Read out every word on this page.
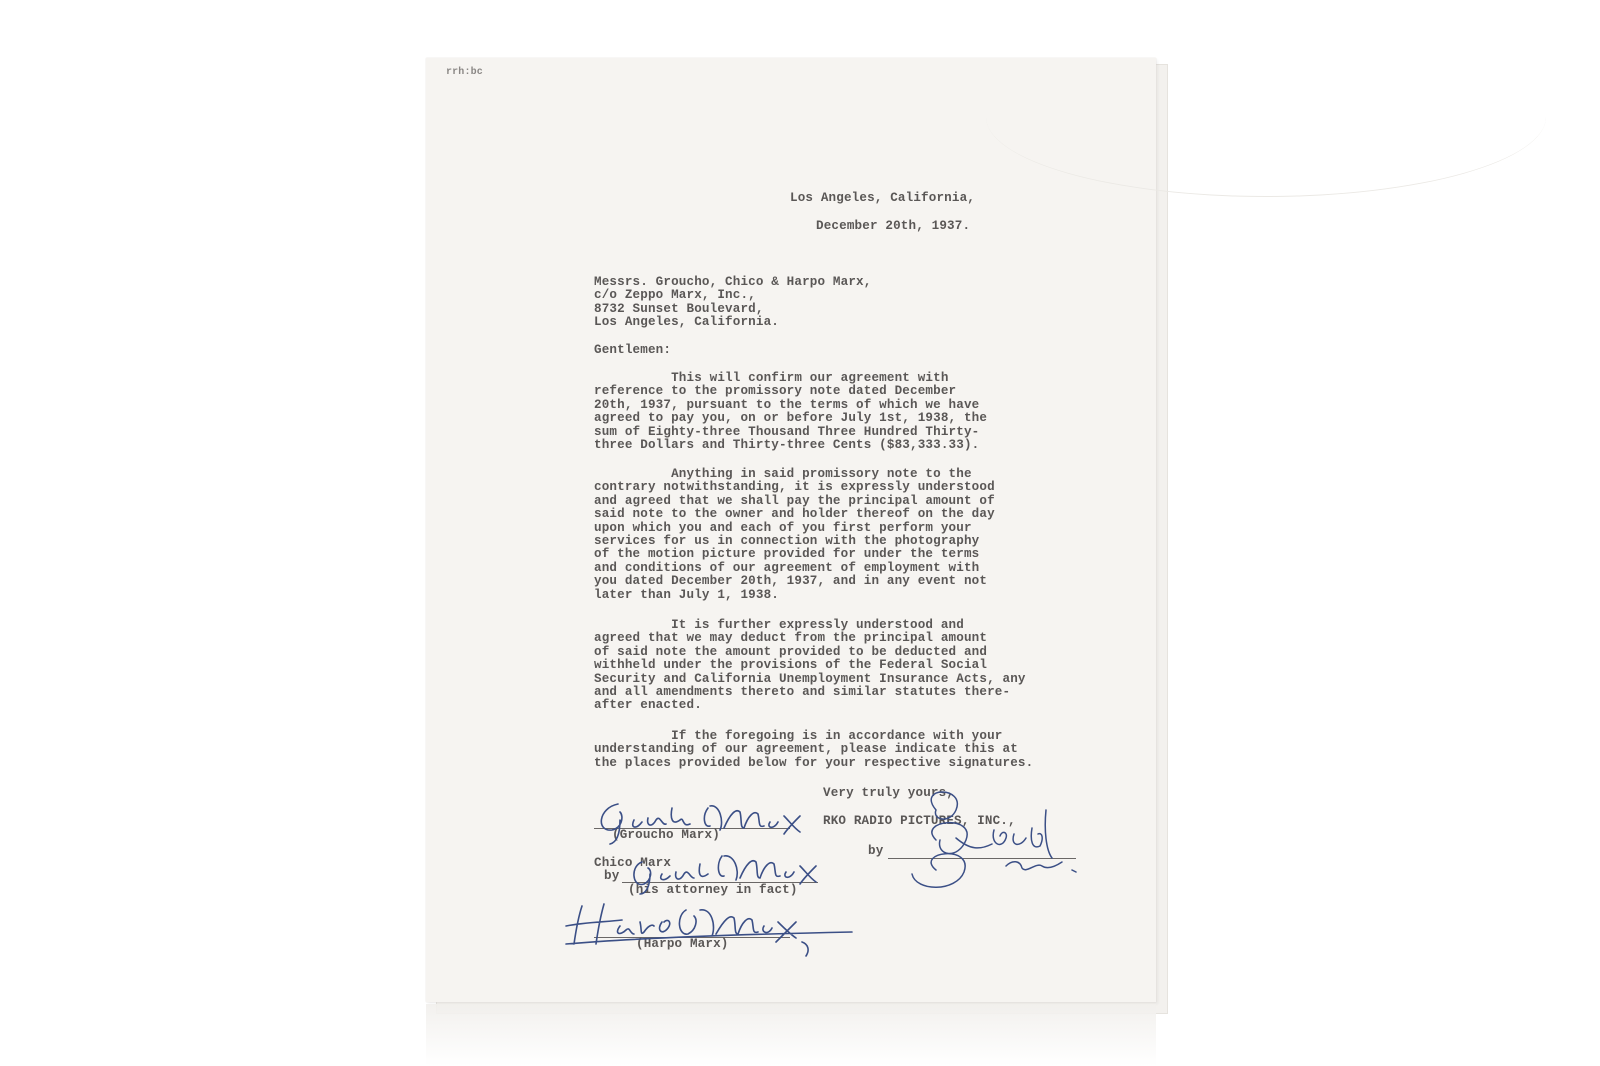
rrh:bc
Los Angeles, California,
December 20th, 1937.
Messrs. Groucho, Chico & Harpo Marx,
c/o Zeppo Marx, Inc.,
8732 Sunset Boulevard,
Los Angeles, California.
Gentlemen:
This will confirm our agreement with
reference to the promissory note dated December
20th, 1937, pursuant to the terms of which we have
agreed to pay you, on or before July 1st, 1938, the
sum of Eighty-three Thousand Three Hundred Thirty-
three Dollars and Thirty-three Cents ($83,333.33).
Anything in said promissory note to the
contrary notwithstanding, it is expressly understood
and agreed that we shall pay the principal amount of
said note to the owner and holder thereof on the day
upon which you and each of you first perform your
services for us in connection with the photography
of the motion picture provided for under the terms
and conditions of our agreement of employment with
you dated December 20th, 1937, and in any event not
later than July 1, 1938.
It is further expressly understood and
agreed that we may deduct from the principal amount
of said note the amount provided to be deducted and
withheld under the provisions of the Federal Social
Security and California Unemployment Insurance Acts, any
and all amendments thereto and similar statutes there-
after enacted.
If the foregoing is in accordance with your
understanding of our agreement, please indicate this at
the places provided below for your respective signatures.
Very truly yours,
RKO RADIO PICTURES, INC.,
by
(Groucho Marx)
Chico Marx
by
(his attorney in fact)
(Harpo Marx)
